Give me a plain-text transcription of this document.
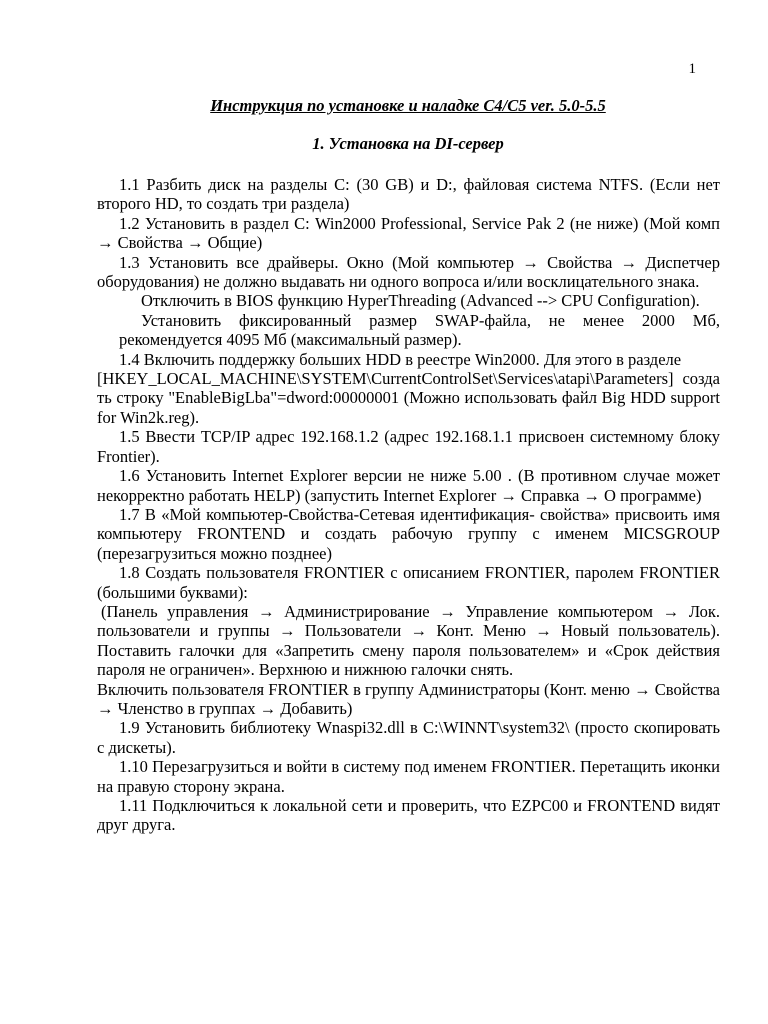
1
Инструкция по установке и наладке С4/С5 ver. 5.0-5.5
1. Установка на DI-сервер

1.1 Разбить диск на разделы С: (30 GB) и D:, файловая система NTFS. (Если нет второго HD, то создать три раздела)

1.2 Установить в раздел С: Win2000 Professional, Service Pak 2 (не ниже) (Мой комп → Свойства → Общие)

1.3 Установить все драйверы. Окно (Мой компьютер → Свойства → Диспетчер оборудования) не должно выдавать ни одного вопроса и/или восклицательного знака.

Отключить в BIOS функцию HyperThreading (Advanced --> CPU Configuration).

Установить фиксированный размер SWAP-файла, не менее 2000 Мб, рекомендуется 4095 Мб (максимальный размер).

1.4 Включить поддержку больших HDD в реестре Win2000. Для этого в разделе

[HKEY_LOCAL_MACHINE\SYSTEM\CurrentControlSet\Services\atapi\Parameters] создать строку "EnableBigLba"=dword:00000001 (Можно использовать файл Big HDD support for Win2k.reg).

1.5 Ввести TCP/IP адрес 192.168.1.2 (адрес 192.168.1.1 присвоен системному блоку Frontier).

1.6 Установить Internet Explorer версии не ниже 5.00 . (В противном случае может некорректно работать HELP) (запустить Internet Explorer → Справка → О программе)

1.7 В «Мой компьютер-Свойства-Сетевая идентификация- свойства» присвоить имя компьютеру FRONTEND и создать рабочую группу с именем MICSGROUP (перезагрузиться можно позднее)

1.8 Создать пользователя FRONTIER с описанием FRONTIER, паролем FRONTIER (большими буквами):

(Панель управления → Администрирование → Управление компьютером → Лок. пользователи и группы → Пользователи → Конт. Меню → Новый пользователь). Поставить галочки для «Запретить смену пароля пользователем» и «Срок действия пароля не ограничен». Верхнюю и нижнюю галочки снять.

Включить пользователя FRONTIER в группу Администраторы (Конт. меню → Свойства → Членство в группах → Добавить)

1.9 Установить библиотеку Wnaspi32.dll в C:\WINNT\system32\ (просто скопировать с дискеты).

1.10 Перезагрузиться и войти в систему под именем FRONTIER. Перетащить иконки на правую сторону экрана.

1.11 Подключиться к локальной сети и проверить, что EZPC00 и FRONTEND видят друг друга.
